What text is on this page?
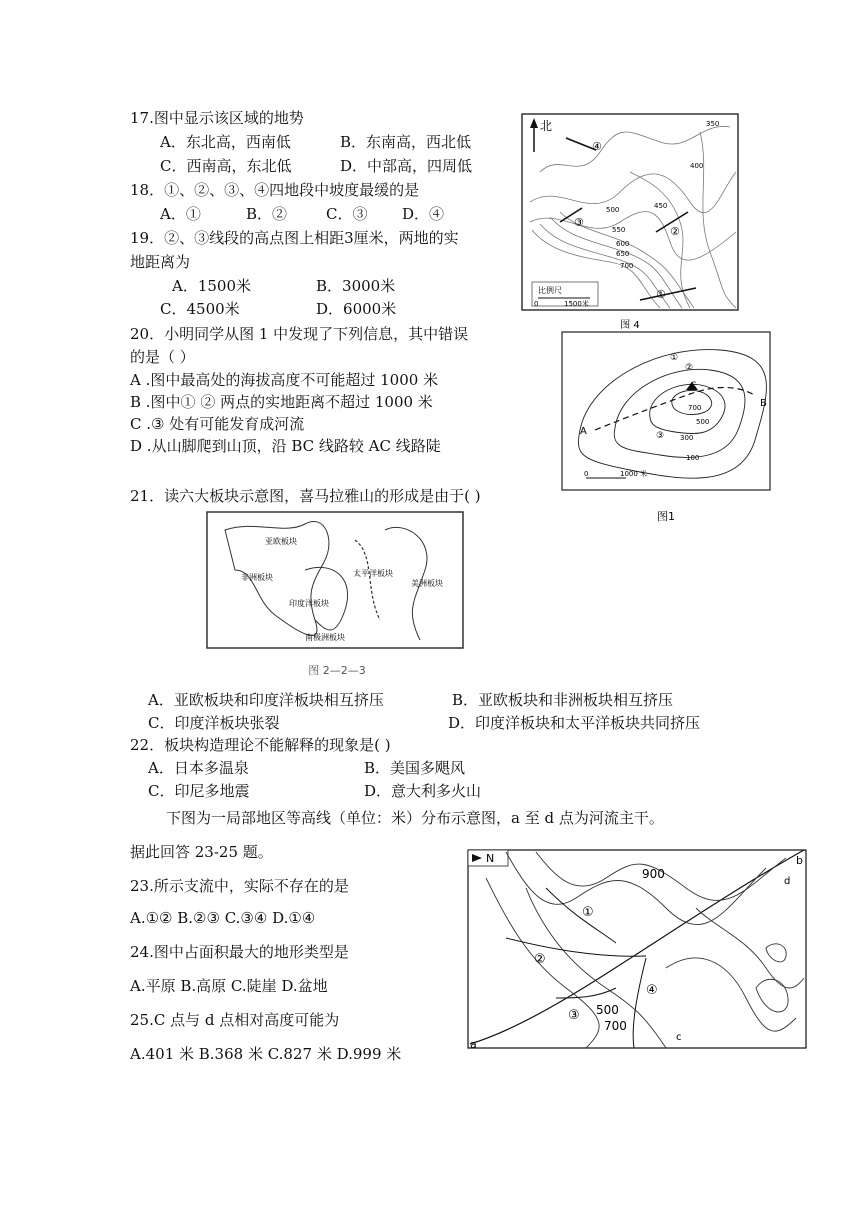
17.图中显示该区域的地势
A．东北高，西南低	B．东南高，西北低
C．西南高，东北低	D．中部高，四周低
18．①、②、③、④四地段中坡度最缓的是
A．①	B．②	C．③ D．④
19．②、③线段的高点图上相距3厘米，两地的实
地距离为
A．1500米	B．3000米
C．4500米	D．6000米
20．小明同学从图 1 中发现了下列信息，其中错误
的是（ ）
A .图中最高处的海拔高度不可能超过 1000 米
B .图中① ② 两点的实地距离不超过 1000 米
C .③ 处有可能发育成河流
D .从山脚爬到山顶，沿 BC 线路较 AC 线路陡
21．读六大板块示意图，喜马拉雅山的形成是由于( )
A．亚欧板块和印度洋板块相互挤压	B．亚欧板块和非洲板块相互挤压
C．印度洋板块张裂	D．印度洋板块和太平洋板块共同挤压
22．板块构造理论不能解释的现象是( )
A．日本多温泉	B．美国多飓风
C．印尼多地震	D．意大利多火山
下图为一局部地区等高线（单位：米）分布示意图，a 至 d 点为河流主干。
据此回答 23-25 题。
23.所示支流中，实际不存在的是
A.①② B.②③ C.③④ D.①④
24.图中占面积最大的地形类型是
A.平原 B.高原 C.陡崖 D.盆地
25.C 点与 d 点相对高度可能为
A.401 米 B.368 米 C.827 米 D.999 米
北
④
③
②
①
350
400
450
500
550
600
650
700
比例尺
0	1500米
图 4
A
B
C
①
②
③
700
500
300
100
0	1000 米
图1
亚欧板块
非洲板块
印度洋板块
太平洋板块
南极洲板块
美洲板块
图 2—2—3
N
900
500
700
①
②
③
④
a
b
c
d
